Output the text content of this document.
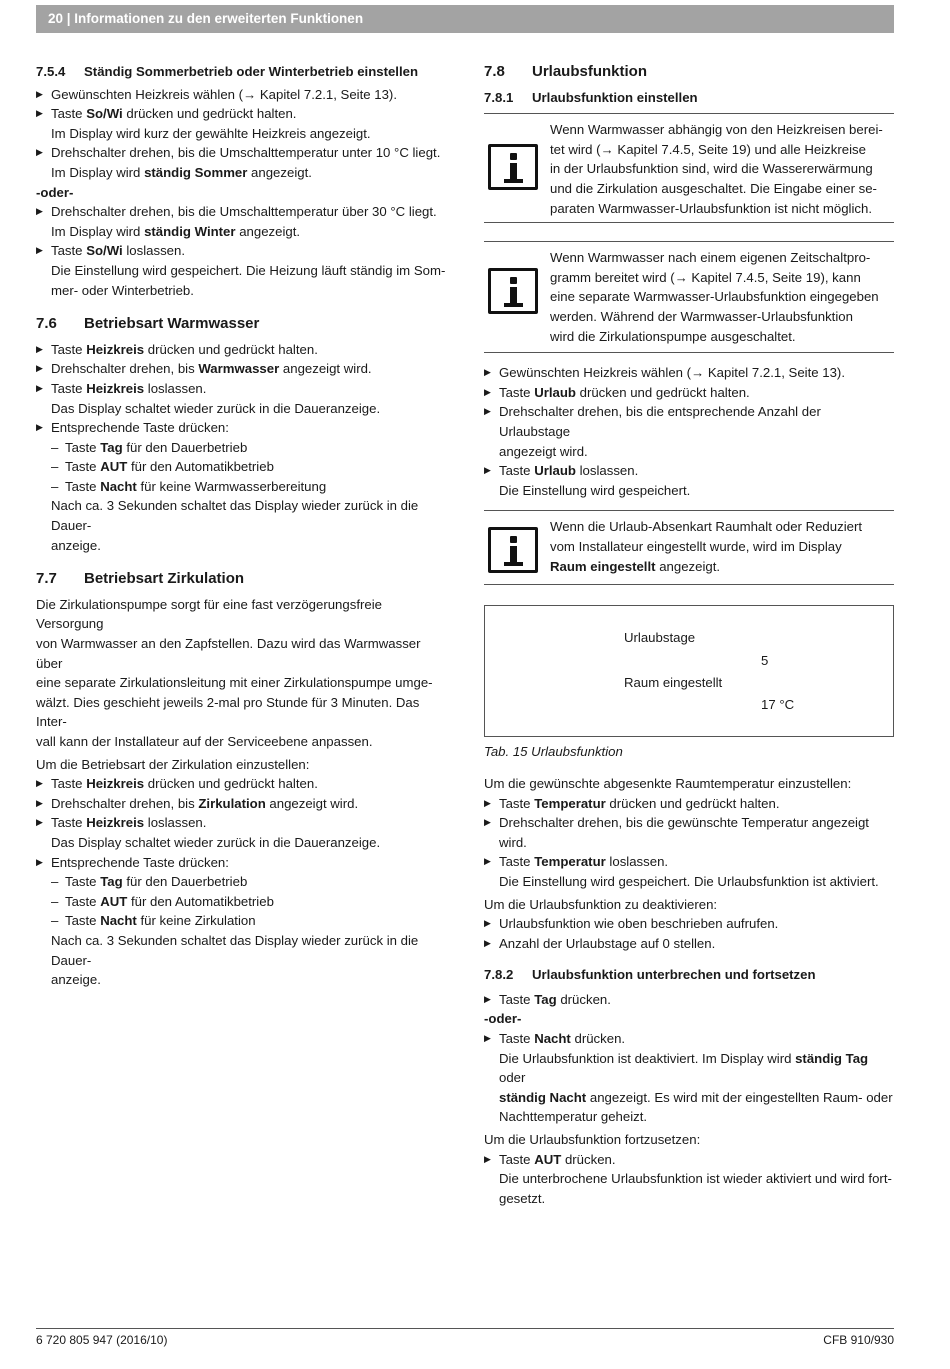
20 | Informationen zu den erweiterten Funktionen
7.5.4 Ständig Sommerbetrieb oder Winterbetrieb einstellen
▶ Gewünschten Heizkreis wählen (→ Kapitel 7.2.1, Seite 13).
▶ Taste So/Wi drücken und gedrückt halten.
Im Display wird kurz der gewählte Heizkreis angezeigt.
▶ Drehschalter drehen, bis die Umschalttemperatur unter 10 °C liegt.
Im Display wird ständig Sommer angezeigt.
-oder-
▶ Drehschalter drehen, bis die Umschalttemperatur über 30 °C liegt.
Im Display wird ständig Winter angezeigt.
▶ Taste So/Wi loslassen.
Die Einstellung wird gespeichert. Die Heizung läuft ständig im Som-
mer- oder Winterbetrieb.
7.6 Betriebsart Warmwasser
▶ Taste Heizkreis drücken und gedrückt halten.
▶ Drehschalter drehen, bis Warmwasser angezeigt wird.
▶ Taste Heizkreis loslassen.
Das Display schaltet wieder zurück in die Daueranzeige.
▶ Entsprechende Taste drücken:
– Taste Tag für den Dauerbetrieb
– Taste AUT für den Automatikbetrieb
– Taste Nacht für keine Warmwasserbereitung
Nach ca. 3 Sekunden schaltet das Display wieder zurück in die Dauer-
anzeige.
7.7 Betriebsart Zirkulation
Die Zirkulationspumpe sorgt für eine fast verzögerungsfreie Versorgung
von Warmwasser an den Zapfstellen. Dazu wird das Warmwasser über
eine separate Zirkulationsleitung mit einer Zirkulationspumpe umge-
wälzt. Dies geschieht jeweils 2-mal pro Stunde für 3 Minuten. Das Inter-
vall kann der Installateur auf der Serviceebene anpassen.
Um die Betriebsart der Zirkulation einzustellen:
▶ Taste Heizkreis drücken und gedrückt halten.
▶ Drehschalter drehen, bis Zirkulation angezeigt wird.
▶ Taste Heizkreis loslassen.
Das Display schaltet wieder zurück in die Daueranzeige.
▶ Entsprechende Taste drücken:
– Taste Tag für den Dauerbetrieb
– Taste AUT für den Automatikbetrieb
– Taste Nacht für keine Zirkulation
Nach ca. 3 Sekunden schaltet das Display wieder zurück in die Dauer-
anzeige.
7.8 Urlaubsfunktion
7.8.1 Urlaubsfunktion einstellen
Wenn Warmwasser abhängig von den Heizkreisen berei-
tet wird (→ Kapitel 7.4.5, Seite 19) und alle Heizkreise
in der Urlaubsfunktion sind, wird die Wassererwärmung
und die Zirkulation ausgeschaltet. Die Eingabe einer se-
paraten Warmwasser-Urlaubsfunktion ist nicht möglich.
Wenn Warmwasser nach einem eigenen Zeitschaltpro-
gramm bereitet wird (→ Kapitel 7.4.5, Seite 19), kann
eine separate Warmwasser-Urlaubsfunktion eingegeben
werden. Während der Warmwasser-Urlaubsfunktion
wird die Zirkulationspumpe ausgeschaltet.
▶ Gewünschten Heizkreis wählen (→ Kapitel 7.2.1, Seite 13).
▶ Taste Urlaub drücken und gedrückt halten.
▶ Drehschalter drehen, bis die entsprechende Anzahl der Urlaubstage
angezeigt wird.
▶ Taste Urlaub loslassen.
Die Einstellung wird gespeichert.
Wenn die Urlaub-Absenkart Raumhalt oder Reduziert
vom Installateur eingestellt wurde, wird im Display
Raum eingestellt angezeigt.
Urlaubstage
5
Raum eingestellt
17 °C
Tab. 15 Urlaubsfunktion
Um die gewünschte abgesenkte Raumtemperatur einzustellen:
▶ Taste Temperatur drücken und gedrückt halten.
▶ Drehschalter drehen, bis die gewünschte Temperatur angezeigt wird.
▶ Taste Temperatur loslassen.
Die Einstellung wird gespeichert. Die Urlaubsfunktion ist aktiviert.
Um die Urlaubsfunktion zu deaktivieren:
▶ Urlaubsfunktion wie oben beschrieben aufrufen.
▶ Anzahl der Urlaubstage auf 0 stellen.
7.8.2 Urlaubsfunktion unterbrechen und fortsetzen
▶ Taste Tag drücken.
-oder-
▶ Taste Nacht drücken.
Die Urlaubsfunktion ist deaktiviert. Im Display wird ständig Tag oder
ständig Nacht angezeigt. Es wird mit der eingestellten Raum- oder
Nachttemperatur geheizt.
Um die Urlaubsfunktion fortzusetzen:
▶ Taste AUT drücken.
Die unterbrochene Urlaubsfunktion ist wieder aktiviert und wird fort-
gesetzt.
6 720 805 947 (2016/10)	CFB 910/930
